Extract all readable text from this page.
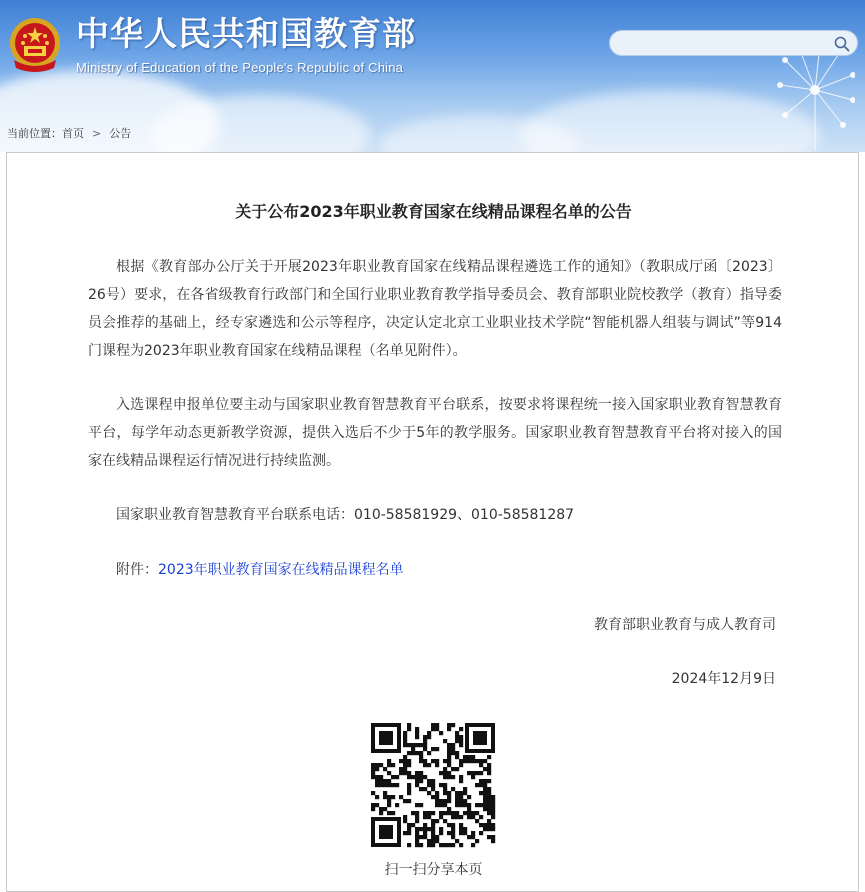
中华人民共和国教育部

Ministry of Education of the People's Republic of China

当前位置：首页 > 公告
关于公布2023年职业教育国家在线精品课程名单的公告

根据《教育部办公厅关于开展2023年职业教育国家在线精品课程遴选工作的通知》（教职成厅函〔2023〕26号）要求，在各省级教育行政部门和全国行业职业教育教学指导委员会、教育部职业院校教学（教育）指导委员会推荐的基础上，经专家遴选和公示等程序，决定认定北京工业职业技术学院“智能机器人组装与调试”等914门课程为2023年职业教育国家在线精品课程（名单见附件）。

入选课程申报单位要主动与国家职业教育智慧教育平台联系，按要求将课程统一接入国家职业教育智慧教育平台，每学年动态更新教学资源，提供入选后不少于5年的教学服务。国家职业教育智慧教育平台将对接入的国家在线精品课程运行情况进行持续监测。

国家职业教育智慧教育平台联系电话：010-58581929、010-58581287

附件：2023年职业教育国家在线精品课程名单

教育部职业教育与成人教育司

2024年12月9日

扫一扫分享本页
